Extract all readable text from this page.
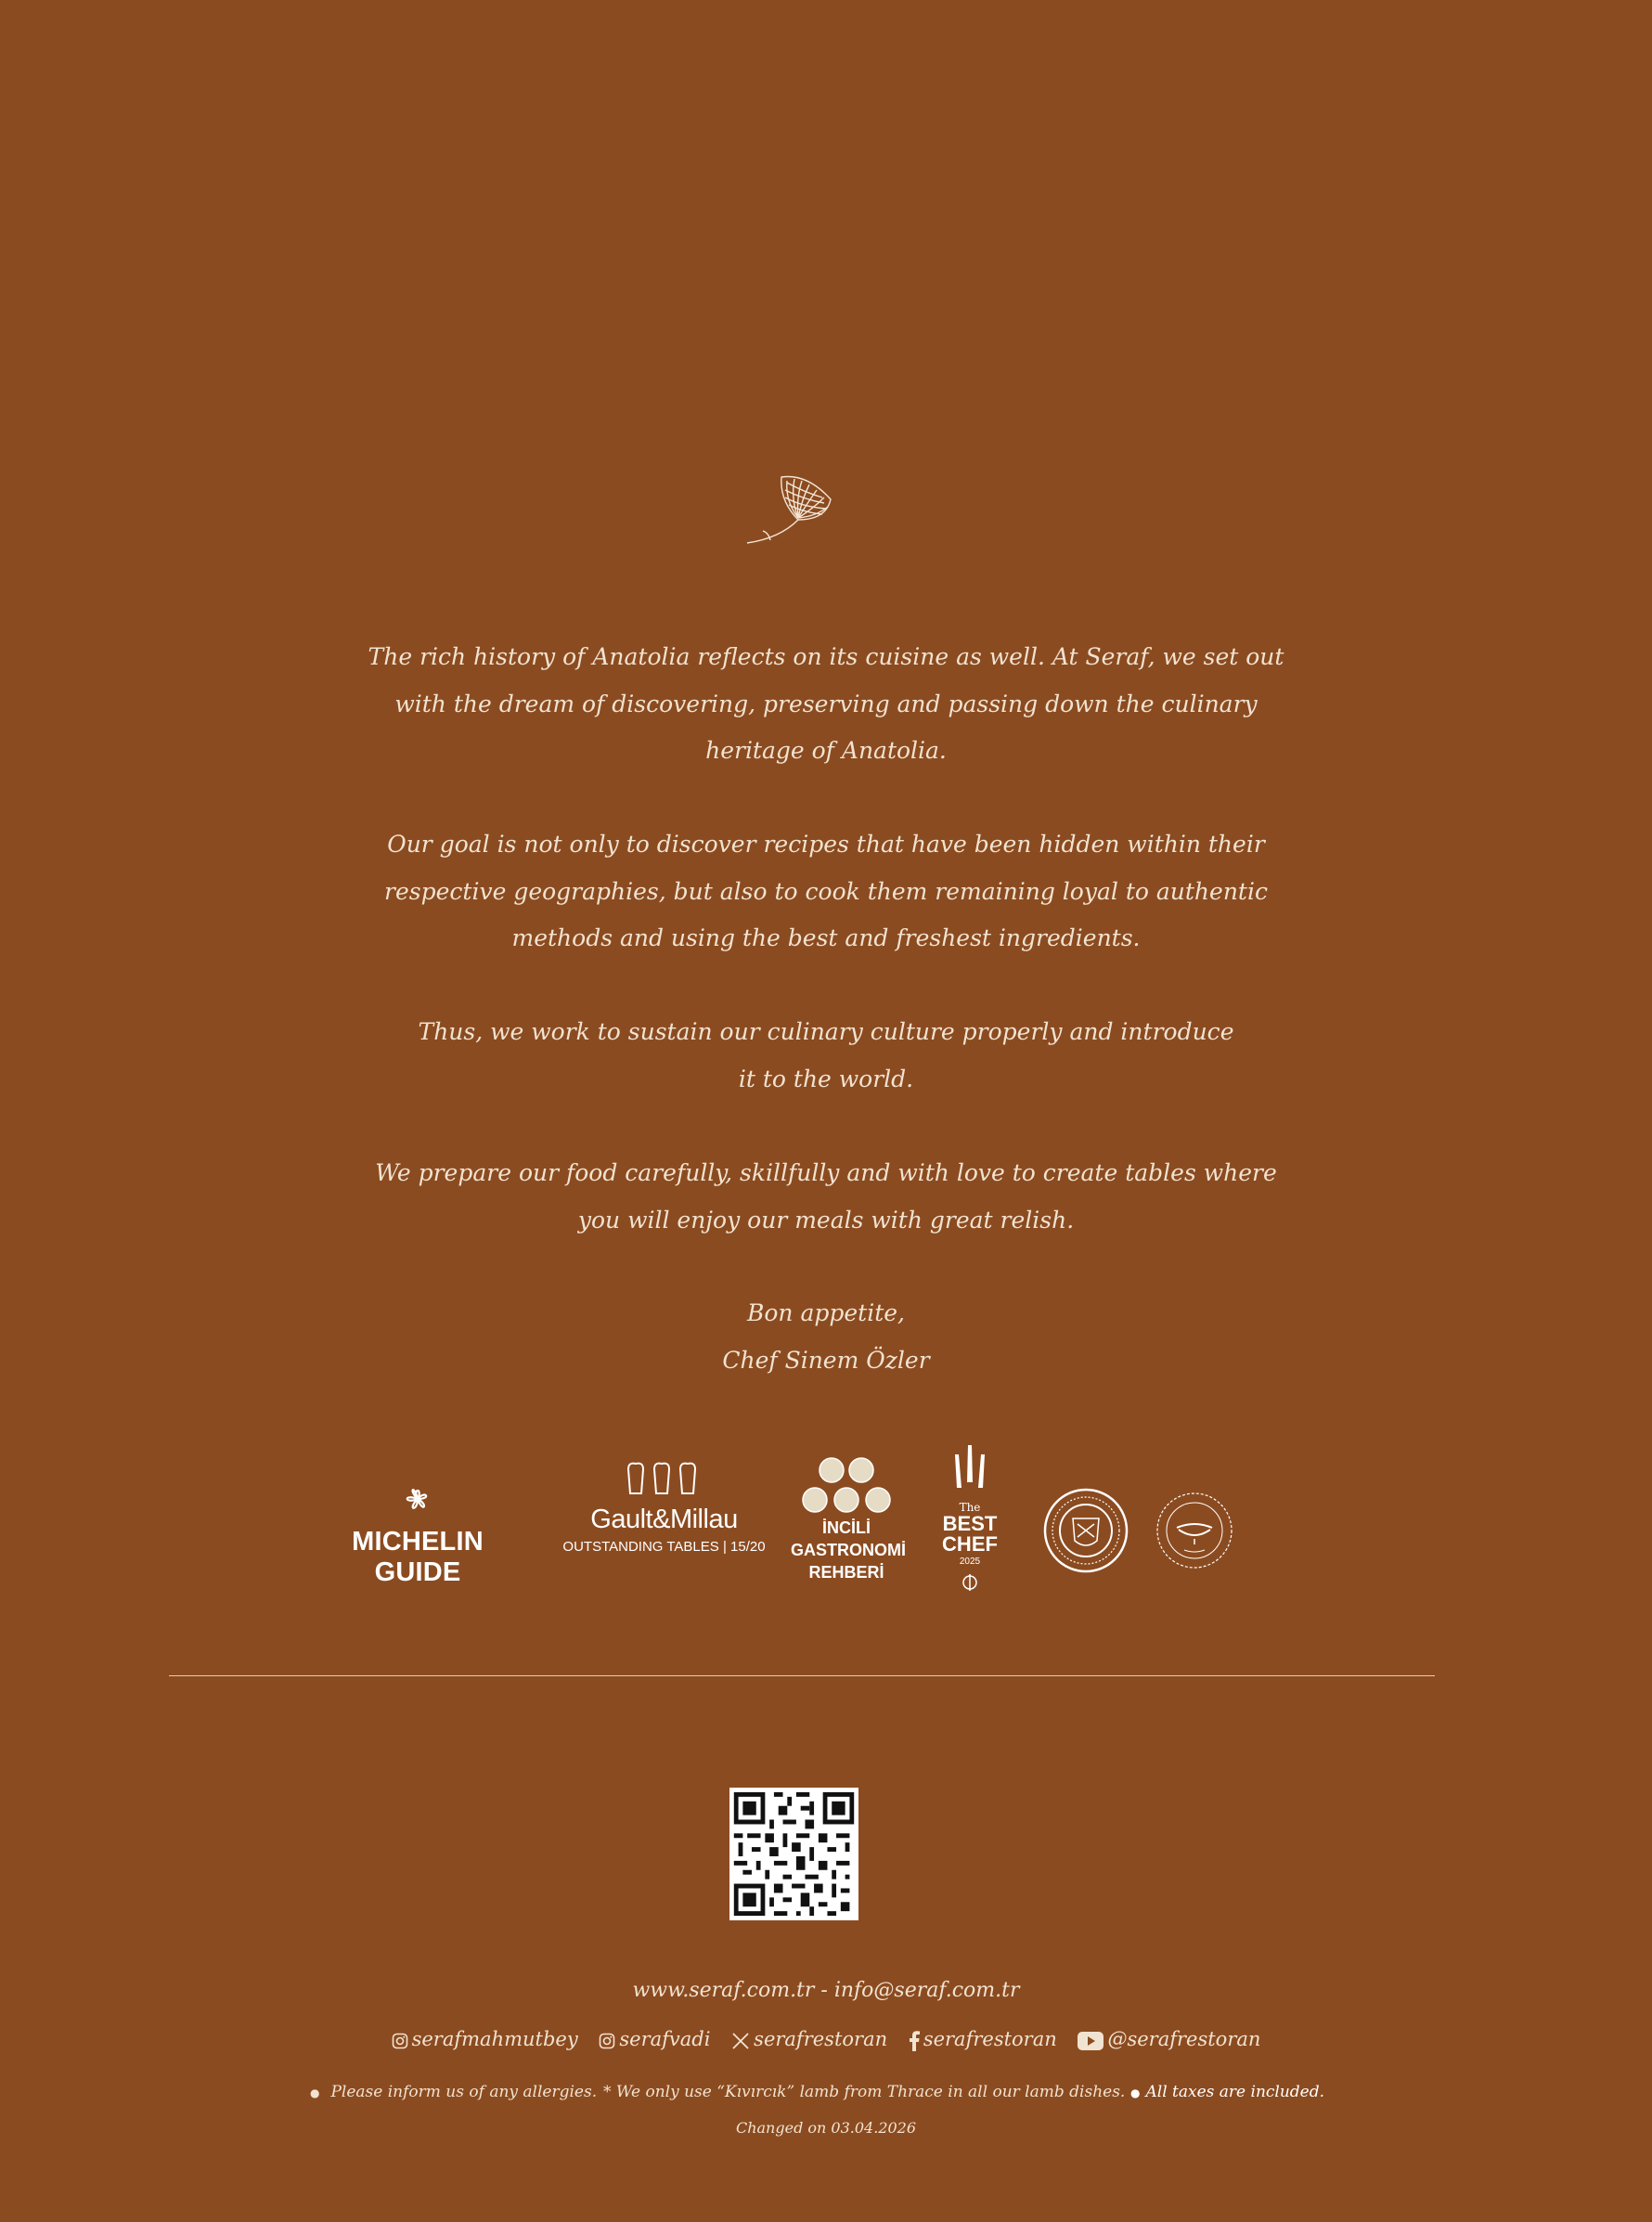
The rich history of Anatolia reflects on its cuisine as well. At Seraf, we set out

with the dream of discovering, preserving and passing down the culinary

heritage of Anatolia.

Our goal is not only to discover recipes that have been hidden within their

respective geographies, but also to cook them remaining loyal to authentic

methods and using the best and freshest ingredients.

Thus, we work to sustain our culinary culture properly and introduce

it to the world.

We prepare our food carefully, skillfully and with love to create tables where

you will enjoy our meals with great relish.

Bon appetite,

Chef Sinem Özler

MICHELIN GUIDE
Gault&Millau
OUTSTANDING TABLES | 15/20
İNCİLİ
GASTRONOMİ
REHBERİ
The
BEST
CHEF
2025
www.seraf.com.tr - info@seraf.com.tr
serafmahmutbey serafvadi serafrestoran serafrestoran	@serafrestoran
● Please inform us of any allergies. * We only use “Kıvırcık” lamb from Thrace in all our lamb dishes. ● All taxes are included.
Changed on 03.04.2026
